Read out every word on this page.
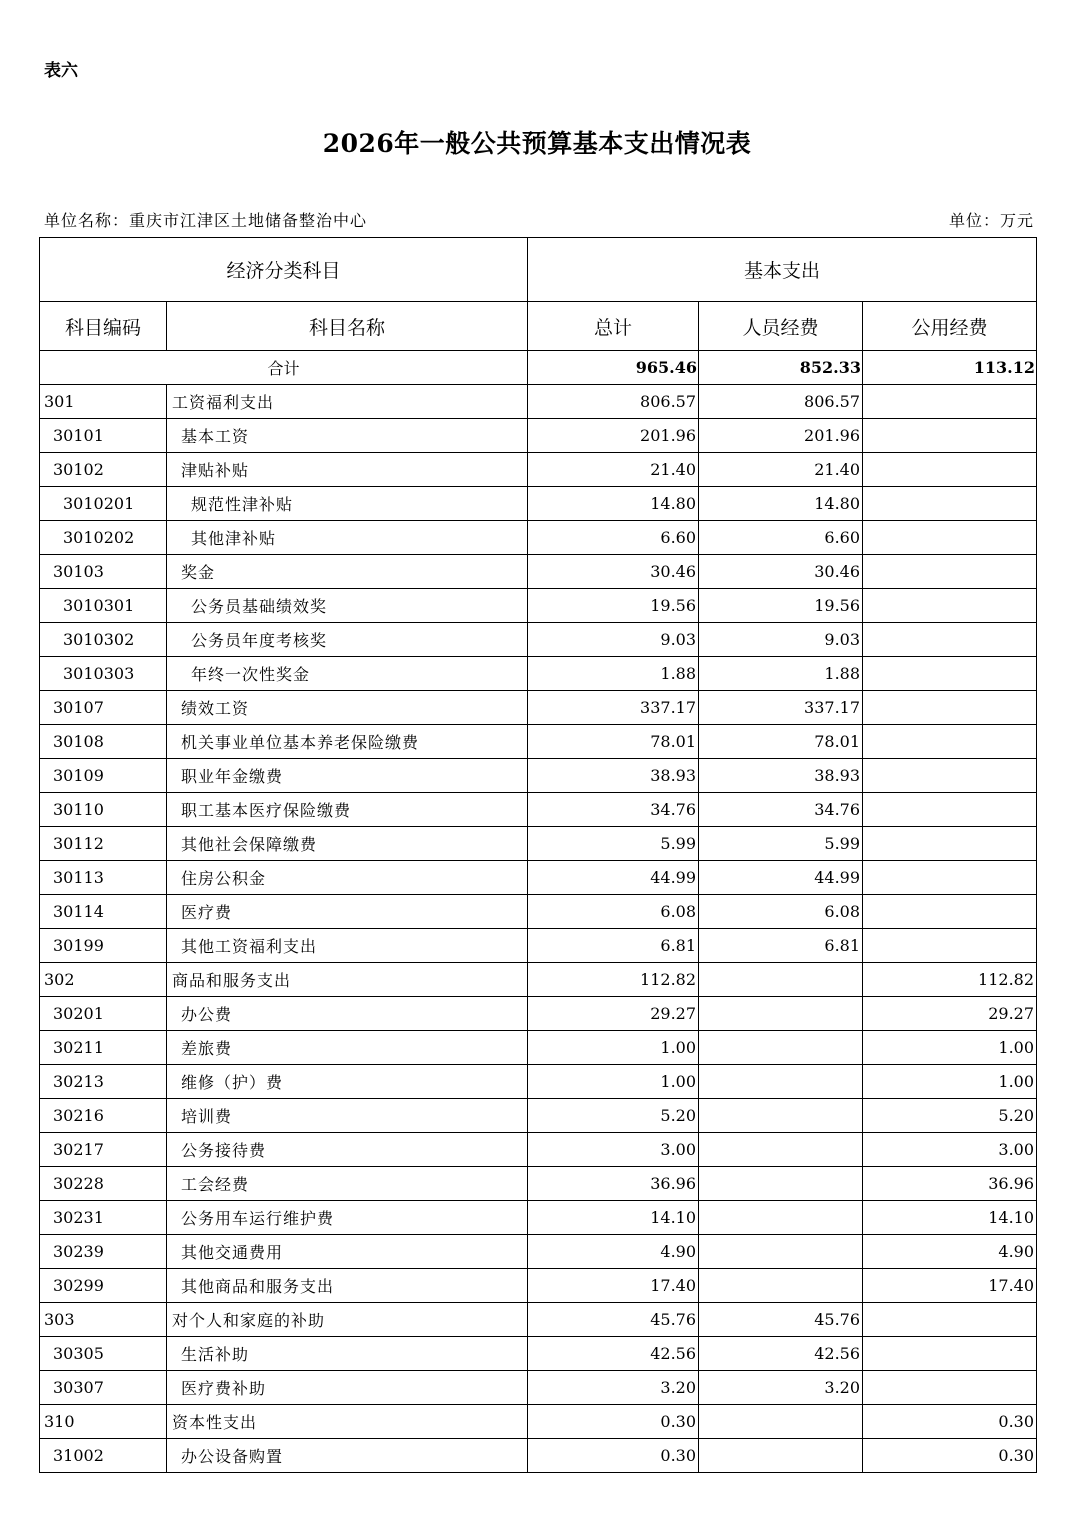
表六
2026年一般公共预算基本支出情况表
单位名称：重庆市江津区土地储备整治中心	单位：万元
经济分类科目		基本支出		
科目编码	科目名称	总计	人员经费	公用经费
合计		965.46	852.33	113.12
301	工资福利支出	806.57	806.57	
30101	基本工资	201.96	201.96	
30102	津贴补贴	21.40	21.40	
3010201	规范性津补贴	14.80	14.80	
3010202	其他津补贴	6.60	6.60	
30103	奖金	30.46	30.46	
3010301	公务员基础绩效奖	19.56	19.56	
3010302	公务员年度考核奖	9.03	9.03	
3010303	年终一次性奖金	1.88	1.88	
30107	绩效工资	337.17	337.17	
30108	机关事业单位基本养老保险缴费	78.01	78.01	
30109	职业年金缴费	38.93	38.93	
30110	职工基本医疗保险缴费	34.76	34.76	
30112	其他社会保障缴费	5.99	5.99	
30113	住房公积金	44.99	44.99	
30114	医疗费	6.08	6.08	
30199	其他工资福利支出	6.81	6.81	
302	商品和服务支出	112.82		112.82
30201	办公费	29.27		29.27
30211	差旅费	1.00		1.00
30213	维修（护）费	1.00		1.00
30216	培训费	5.20		5.20
30217	公务接待费	3.00		3.00
30228	工会经费	36.96		36.96
30231	公务用车运行维护费	14.10		14.10
30239	其他交通费用	4.90		4.90
30299	其他商品和服务支出	17.40		17.40
303	对个人和家庭的补助	45.76	45.76	
30305	生活补助	42.56	42.56	
30307	医疗费补助	3.20	3.20	
310	资本性支出	0.30		0.30
31002	办公设备购置	0.30		0.30
